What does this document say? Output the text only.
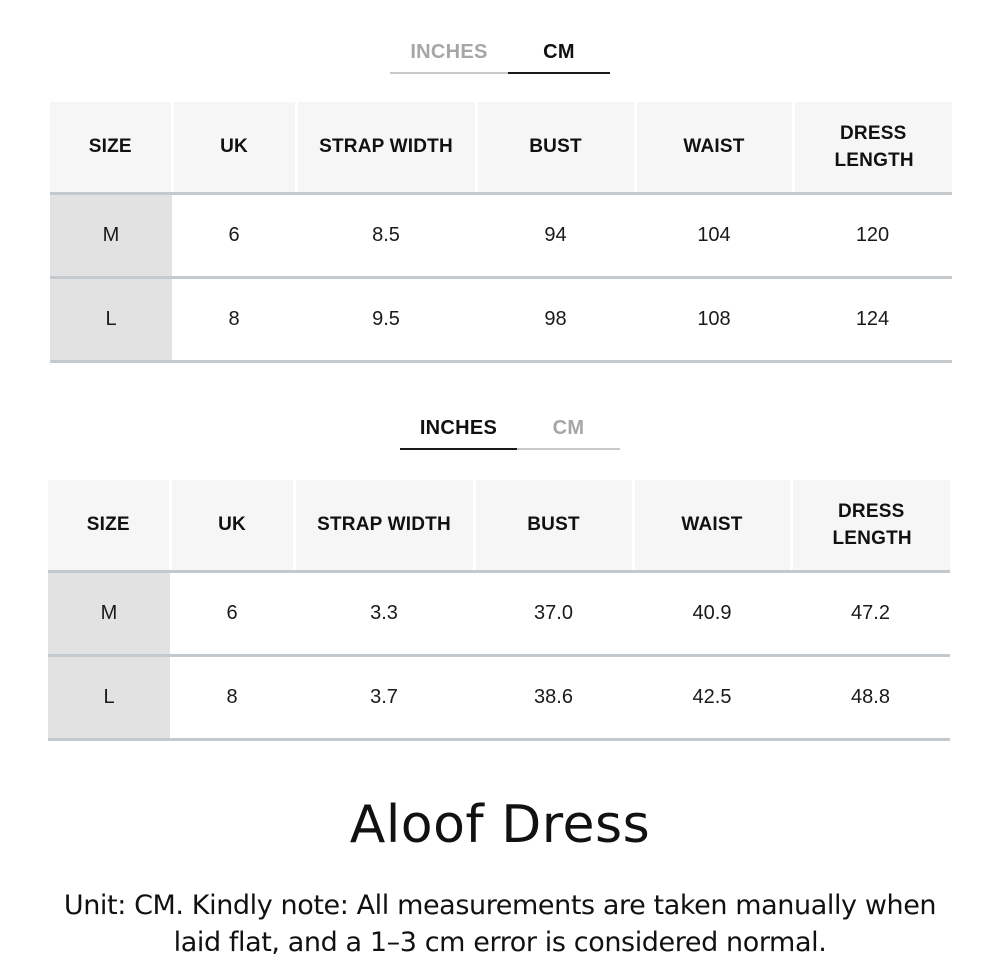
INCHES	CM
SIZE	UK	STRAP WIDTH	BUST	WAIST	DRESS LENGTH
M	6	8.5	94	104	120
L	8	9.5	98	108	124
INCHES	CM
SIZE	UK	STRAP WIDTH	BUST	WAIST	DRESS LENGTH
M	6	3.3	37.0	40.9	47.2
L	8	3.7	38.6	42.5	48.8
Aloof Dress
Unit: CM. Kindly note: All measurements are taken manually when laid flat, and a 1–3 cm error is considered normal.
